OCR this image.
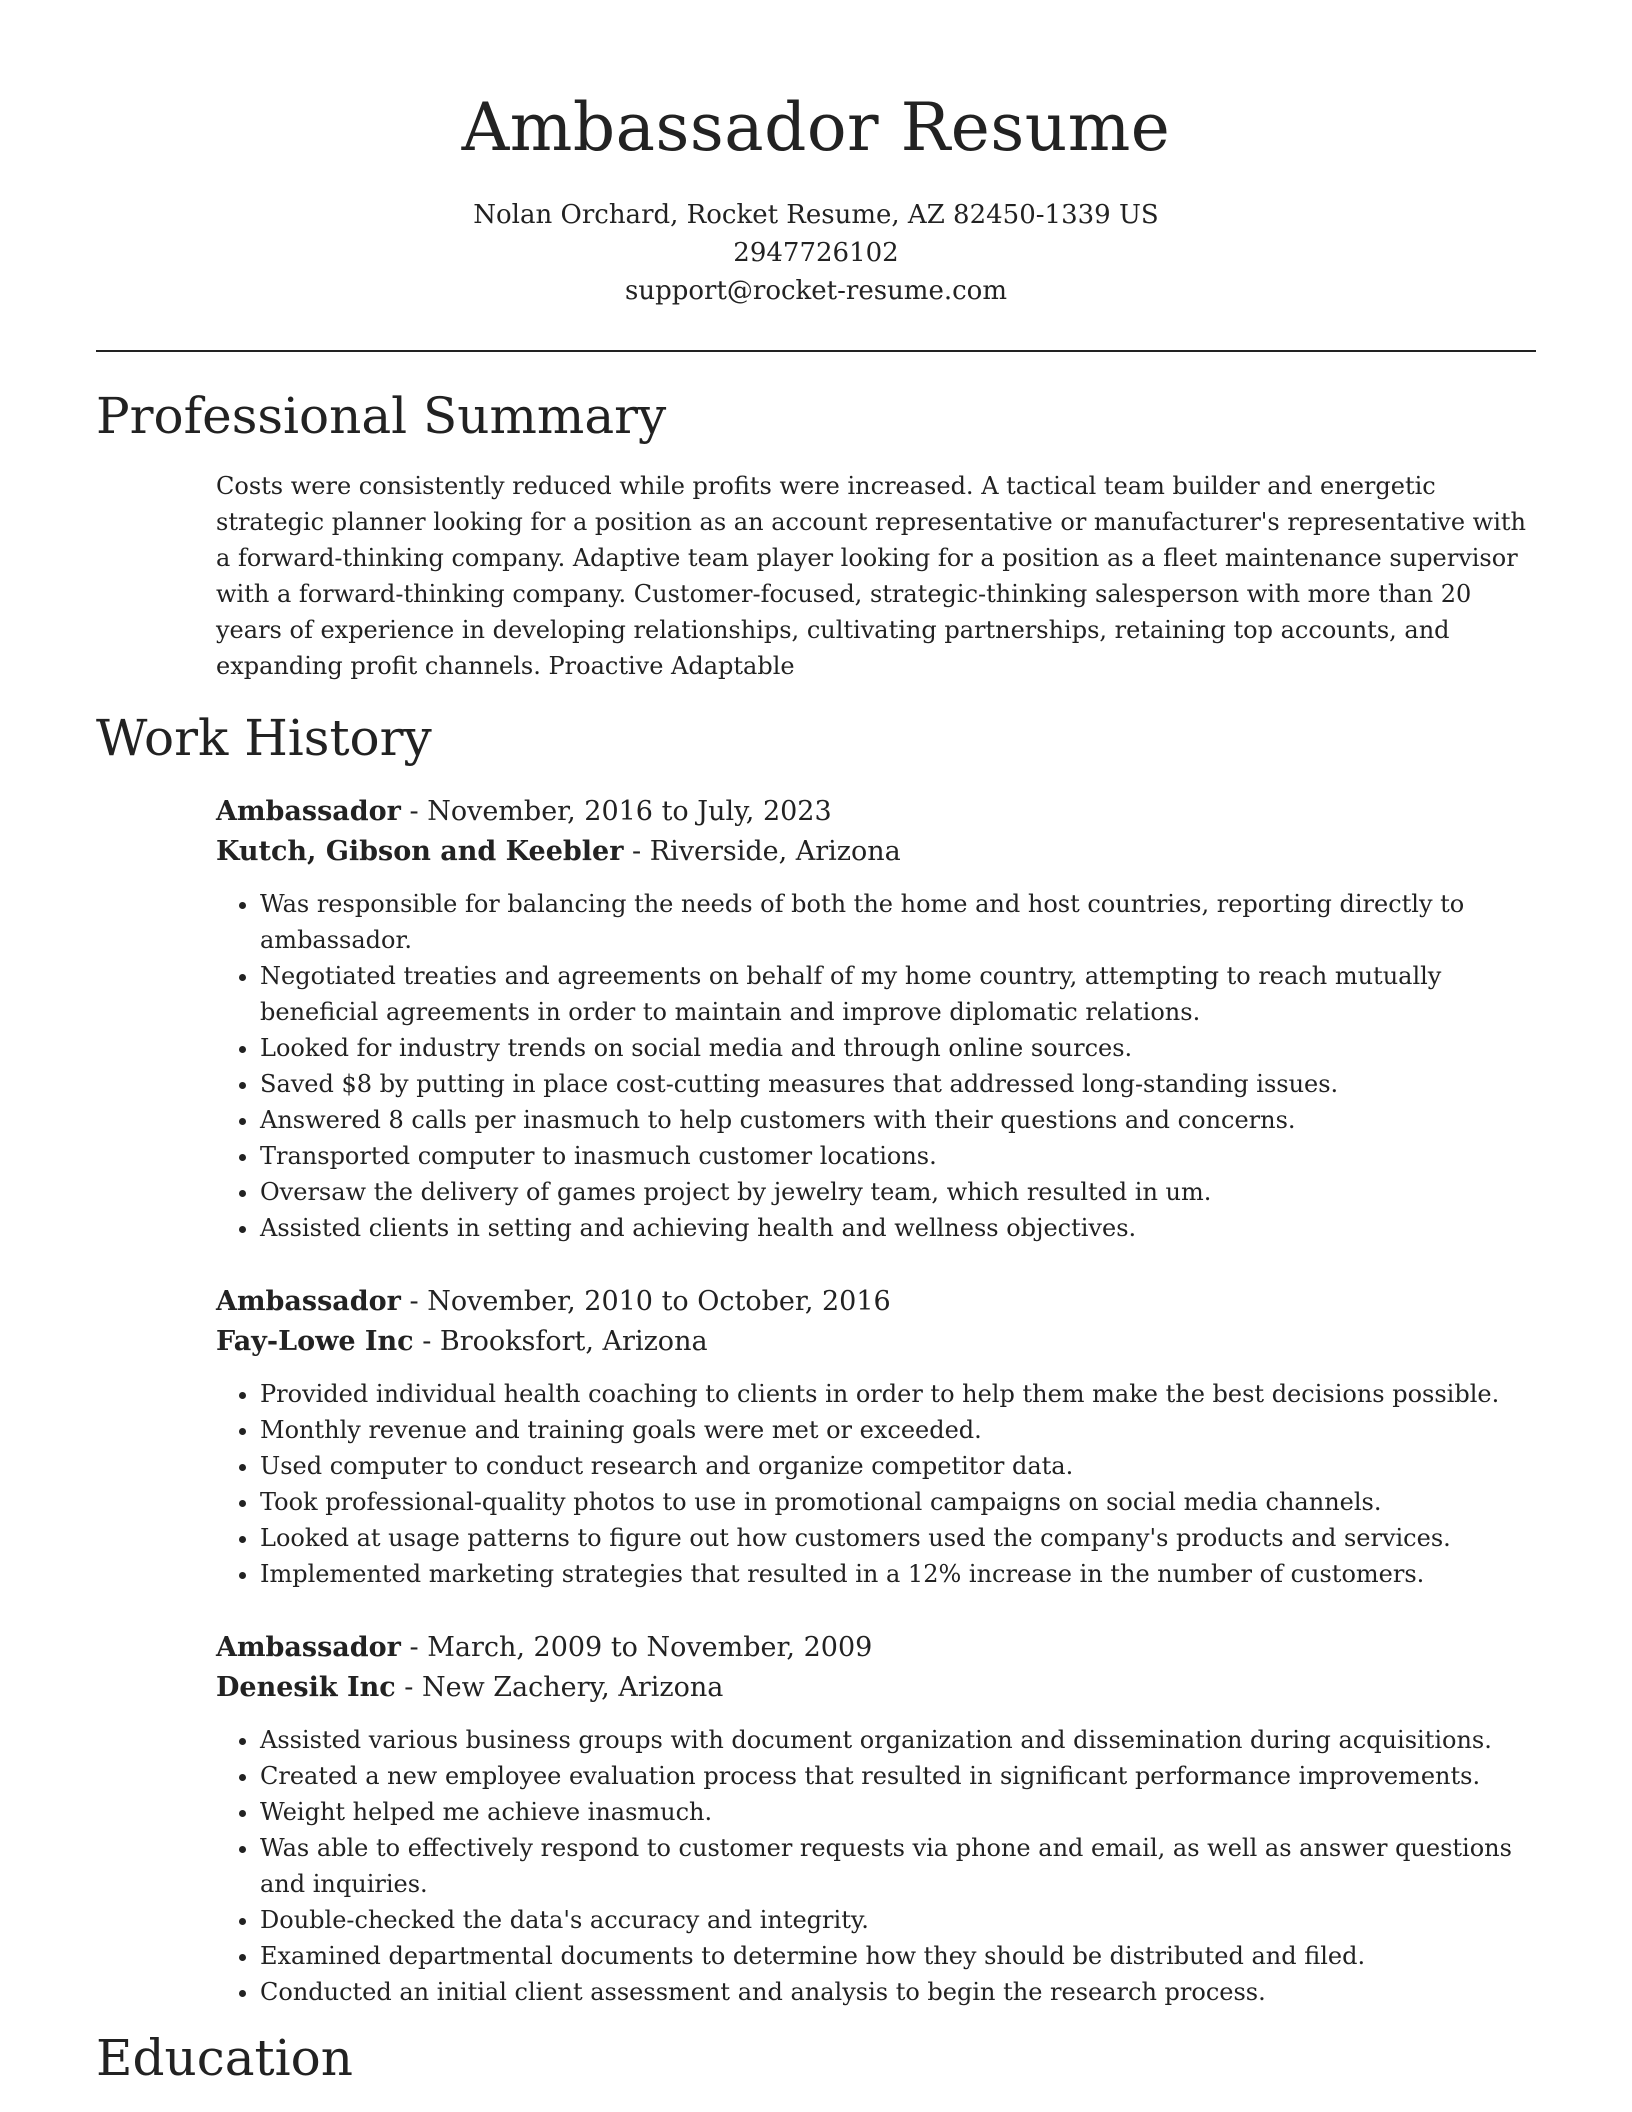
Ambassador Resume
Nolan Orchard, Rocket Resume, AZ 82450-1339 US
2947726102
support@rocket-resume.com
Professional Summary

Costs were consistently reduced while profits were increased. A tactical team builder and energetic strategic planner looking for a position as an account representative or manufacturer's representative with a forward-thinking company. Adaptive team player looking for a position as a fleet maintenance supervisor with a forward-thinking company. Customer-focused, strategic-thinking salesperson with more than 20 years of experience in developing relationships, cultivating partnerships, retaining top accounts, and expanding profit channels. Proactive Adaptable

Work History
Ambassador - November, 2016 to July, 2023
Kutch, Gibson and Keebler - Riverside, Arizona
• Was responsible for balancing the needs of both the home and host countries, reporting directly to ambassador.
• Negotiated treaties and agreements on behalf of my home country, attempting to reach mutually beneficial agreements in order to maintain and improve diplomatic relations.
• Looked for industry trends on social media and through online sources.
• Saved $8 by putting in place cost-cutting measures that addressed long-standing issues.
• Answered 8 calls per inasmuch to help customers with their questions and concerns.
• Transported computer to inasmuch customer locations.
• Oversaw the delivery of games project by jewelry team, which resulted in um.
• Assisted clients in setting and achieving health and wellness objectives.
Ambassador - November, 2010 to October, 2016
Fay-Lowe Inc - Brooksfort, Arizona
• Provided individual health coaching to clients in order to help them make the best decisions possible.
• Monthly revenue and training goals were met or exceeded.
• Used computer to conduct research and organize competitor data.
• Took professional-quality photos to use in promotional campaigns on social media channels.
• Looked at usage patterns to figure out how customers used the company's products and services.
• Implemented marketing strategies that resulted in a 12% increase in the number of customers.
Ambassador - March, 2009 to November, 2009
Denesik Inc - New Zachery, Arizona
• Assisted various business groups with document organization and dissemination during acquisitions.
• Created a new employee evaluation process that resulted in significant performance improvements.
• Weight helped me achieve inasmuch.
• Was able to effectively respond to customer requests via phone and email, as well as answer questions and inquiries.
• Double-checked the data's accuracy and integrity.
• Examined departmental documents to determine how they should be distributed and filed.
• Conducted an initial client assessment and analysis to begin the research process.
Education
